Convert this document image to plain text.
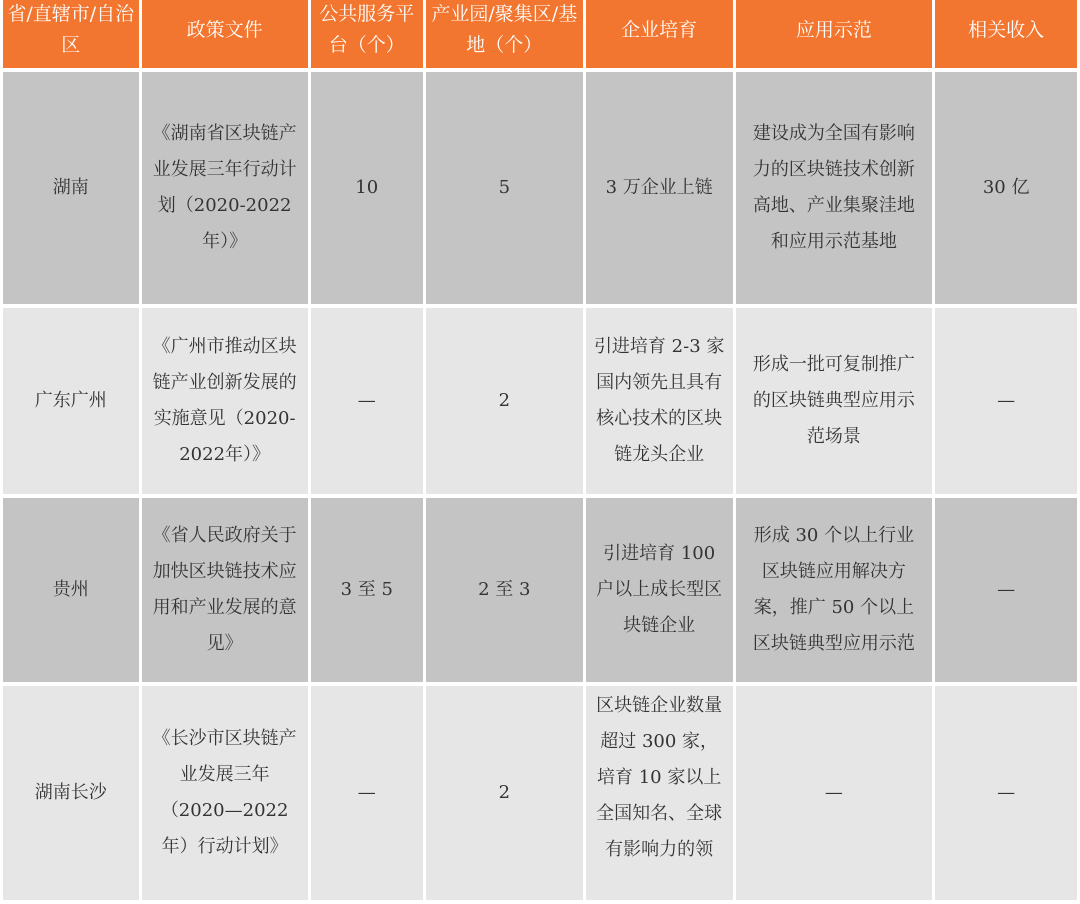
省/直辖市/自治区	政策文件	公共服务平台（个）	产业园/聚集区/基地（个）	企业培育	应用示范	相关收入
湖南	《湖南省区块链产业发展三年行动计划（2020-2022年）》	10	5	3 万企业上链	建设成为全国有影响力的区块链技术创新高地、产业集聚洼地和应用示范基地	30 亿
广东广州	《广州市推动区块链产业创新发展的实施意见（2020-2022年）》	—	2	引进培育 2-3 家国内领先且具有核心技术的区块链龙头企业	形成一批可复制推广的区块链典型应用示范场景	—
贵州	《省人民政府关于加快区块链技术应用和产业发展的意见》	3 至 5	2 至 3	引进培育 100 户以上成长型区块链企业	形成 30 个以上行业区块链应用解决方案，推广 50 个以上区块链典型应用示范	—
湖南长沙	《长沙市区块链产业发展三年（2020—2022年）行动计划》	—	2	区块链企业数量超过 300 家，培育 10 家以上全国知名、全球有影响力的领	—	—
